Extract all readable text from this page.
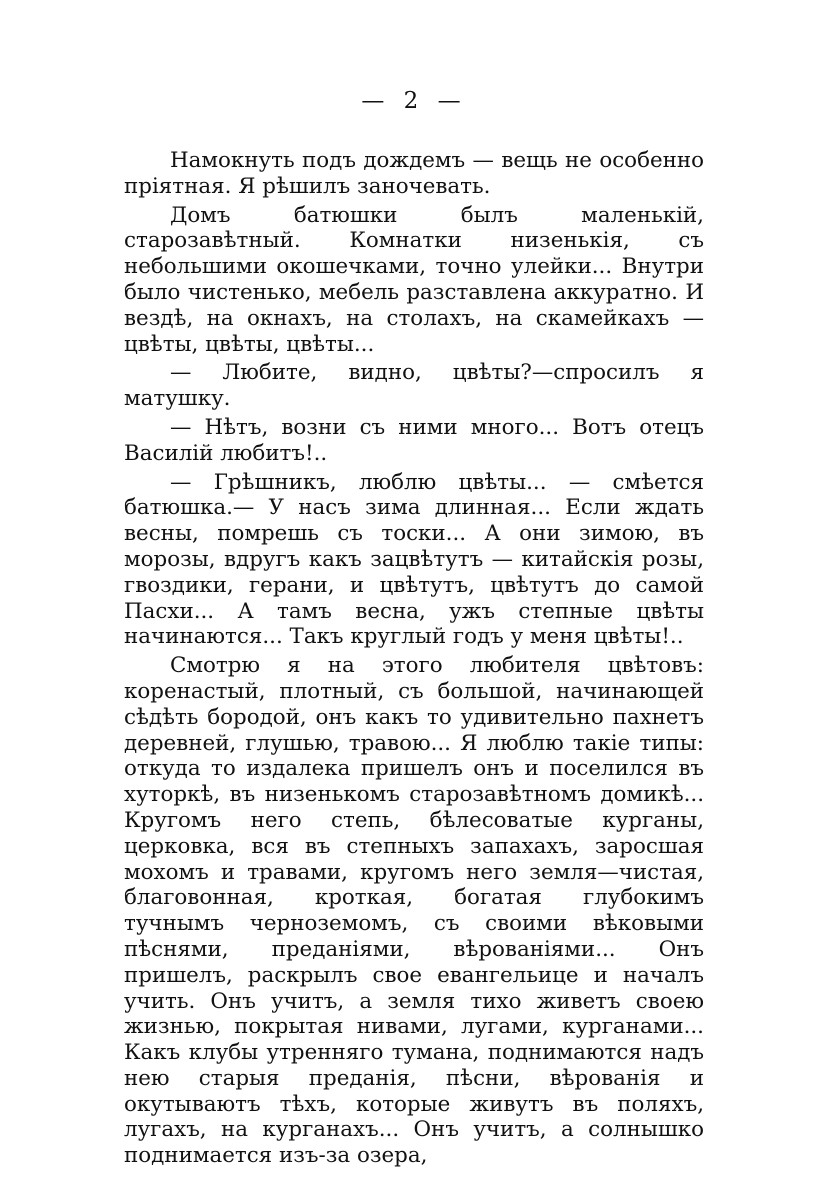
— 2 —

Намокнуть подъ дождемъ — вещь не особенно пріятная. Я рѣшилъ заночевать.

Домъ батюшки былъ маленькій, старозавѣтный. Комнатки низенькія, съ небольшими окошечками, точно улейки... Внутри было чистенько, мебель разставлена аккуратно. И вездѣ, на окнахъ, на столахъ, на скамейкахъ — цвѣты, цвѣты, цвѣты...

— Любите, видно, цвѣты?—спросилъ я матушку.

— Нѣтъ, возни съ ними много... Вотъ отецъ Василій любитъ!..

— Грѣшникъ, люблю цвѣты... — смѣется батюшка.— У насъ зима длинная... Если ждать весны, помрешь съ тоски... А они зимою, въ морозы, вдругъ какъ зацвѣтутъ — китайскія розы, гвоздики, герани, и цвѣтутъ, цвѣтутъ до самой Пасхи... А тамъ весна, ужъ степные цвѣты начинаются... Такъ круглый годъ у меня цвѣты!..

Смотрю я на этого любителя цвѣтовъ: коренастый, плотный, съ большой, начинающей сѣдѣть бородой, онъ какъ то удивительно пахнетъ деревней, глушью, травою... Я люблю такіе типы: откуда то издалека пришелъ онъ и поселился въ хуторкѣ, въ низенькомъ старозавѣтномъ домикѣ... Кругомъ него степь, бѣлесоватые курганы, церковка, вся въ степныхъ запахахъ, заросшая мохомъ и травами, кругомъ него земля—чистая, благовонная, кроткая, богатая глубокимъ тучнымъ черноземомъ, съ своими вѣковыми пѣснями, преданіями, вѣрованіями... Онъ пришелъ, раскрылъ свое евангельице и началъ учить. Онъ учитъ, а земля тихо живетъ своею жизнью, покрытая нивами, лугами, курганами... Какъ клубы утренняго тумана, поднимаются надъ нею старыя преданія, пѣсни, вѣрованія и окутываютъ тѣхъ, которые живутъ въ поляхъ, лугахъ, на курганахъ... Онъ учитъ, а солнышко поднимается изъ-за озера,
